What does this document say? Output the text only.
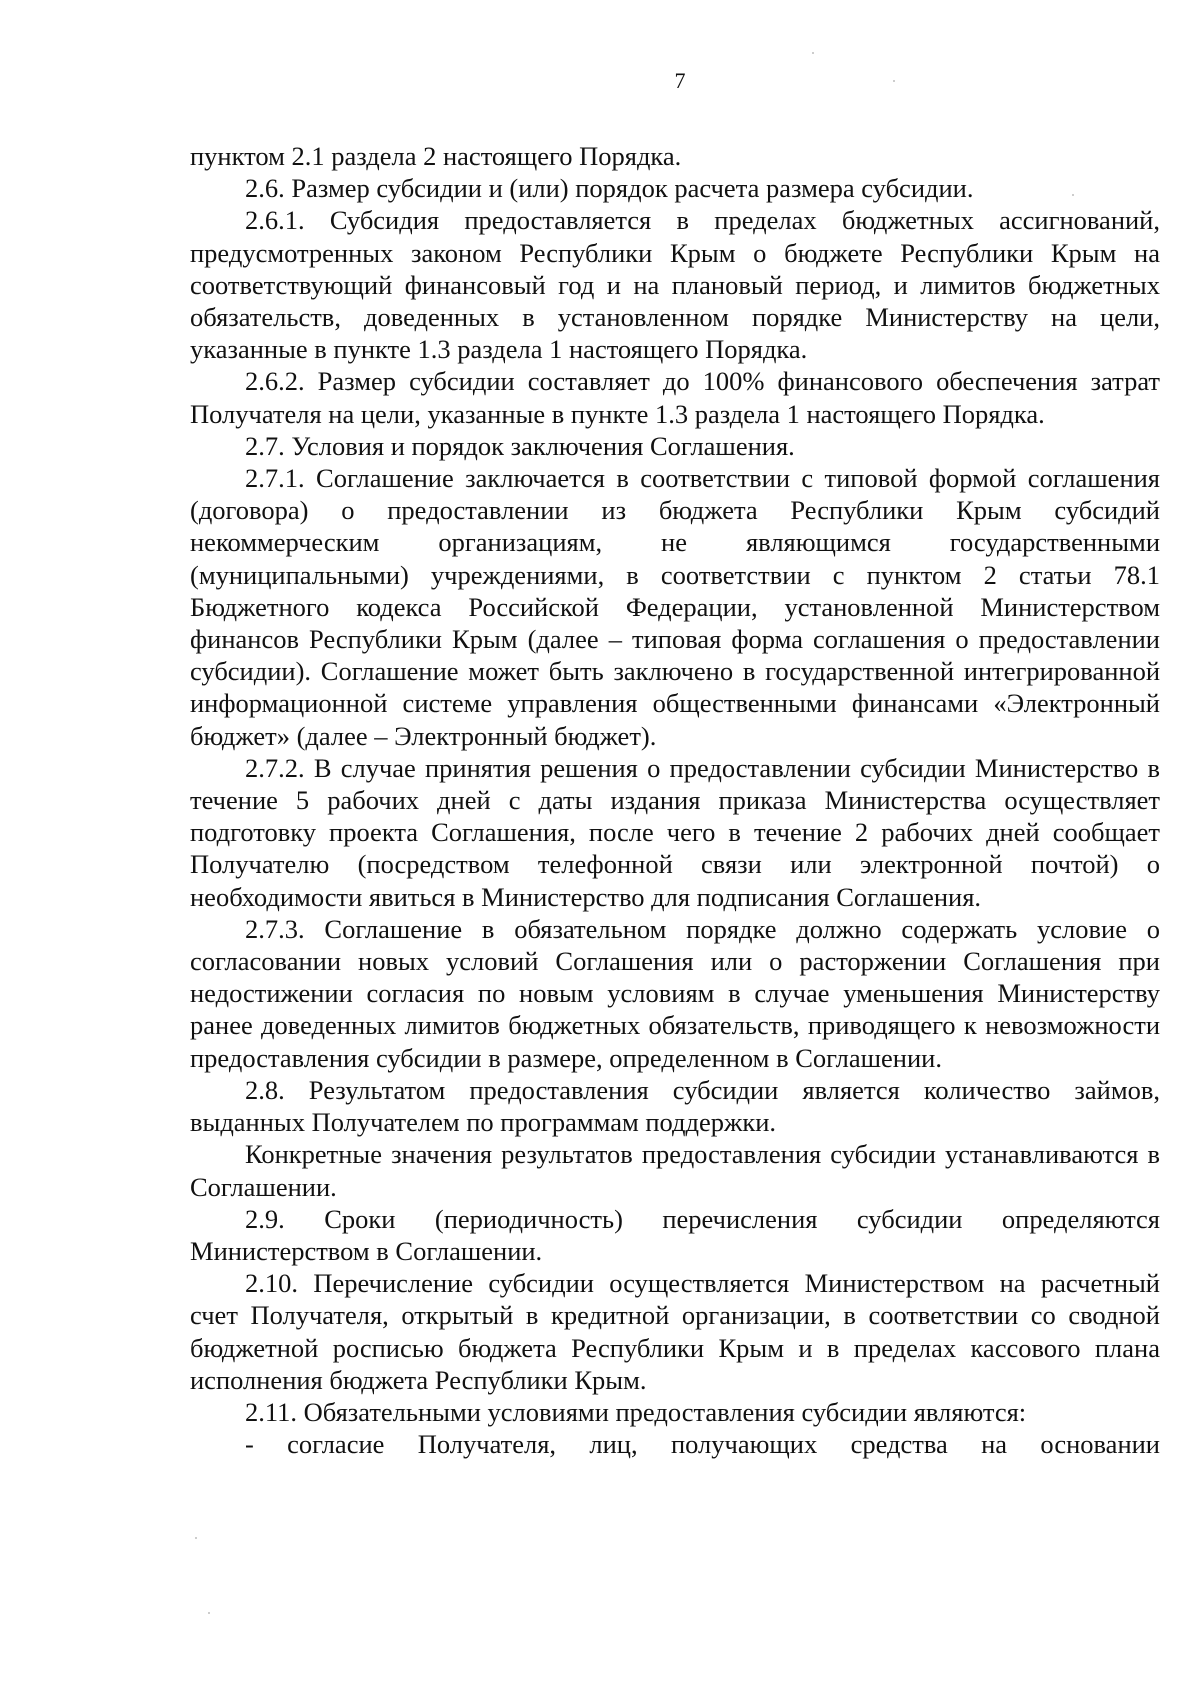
7

пунктом 2.1 раздела 2 настоящего Порядка.

2.6. Размер субсидии и (или) порядок расчета размера субсидии.

2.6.1. Субсидия предоставляется в пределах бюджетных ассигнований, предусмотренных законом Республики Крым о бюджете Республики Крым на соответствующий финансовый год и на плановый период, и лимитов бюджетных обязательств, доведенных в установленном порядке Министерству на цели, указанные в пункте 1.3 раздела 1 настоящего Порядка.

2.6.2. Размер субсидии составляет до 100% финансового обеспечения затрат Получателя на цели, указанные в пункте 1.3 раздела 1 настоящего Порядка.

2.7. Условия и порядок заключения Соглашения.

2.7.1. Соглашение заключается в соответствии с типовой формой соглашения (договора) о предоставлении из бюджета Республики Крым субсидий некоммерческим организациям, не являющимся государственными (муниципальными) учреждениями, в соответствии с пунктом 2 статьи 78.1 Бюджетного кодекса Российской Федерации, установленной Министерством финансов Республики Крым (далее – типовая форма соглашения о предоставлении субсидии). Соглашение может быть заключено в государственной интегрированной информационной системе управления общественными финансами «Электронный бюджет» (далее – Электронный бюджет).

2.7.2. В случае принятия решения о предоставлении субсидии Министерство в течение 5 рабочих дней с даты издания приказа Министерства осуществляет подготовку проекта Соглашения, после чего в течение 2 рабочих дней сообщает Получателю (посредством телефонной связи или электронной почтой) о необходимости явиться в Министерство для подписания Соглашения.

2.7.3. Соглашение в обязательном порядке должно содержать условие о согласовании новых условий Соглашения или о расторжении Соглашения при недостижении согласия по новым условиям в случае уменьшения Министерству ранее доведенных лимитов бюджетных обязательств, приводящего к невозможности предоставления субсидии в размере, определенном в Соглашении.

2.8. Результатом предоставления субсидии является количество займов, выданных Получателем по программам поддержки.

Конкретные значения результатов предоставления субсидии устанавливаются в Соглашении.

2.9. Сроки (периодичность) перечисления субсидии определяются Министерством в Соглашении.

2.10. Перечисление субсидии осуществляется Министерством на расчетный счет Получателя, открытый в кредитной организации, в соответствии со сводной бюджетной росписью бюджета Республики Крым и в пределах кассового плана исполнения бюджета Республики Крым.

2.11. Обязательными условиями предоставления субсидии являются:

- согласие Получателя, лиц, получающих средства на основании
